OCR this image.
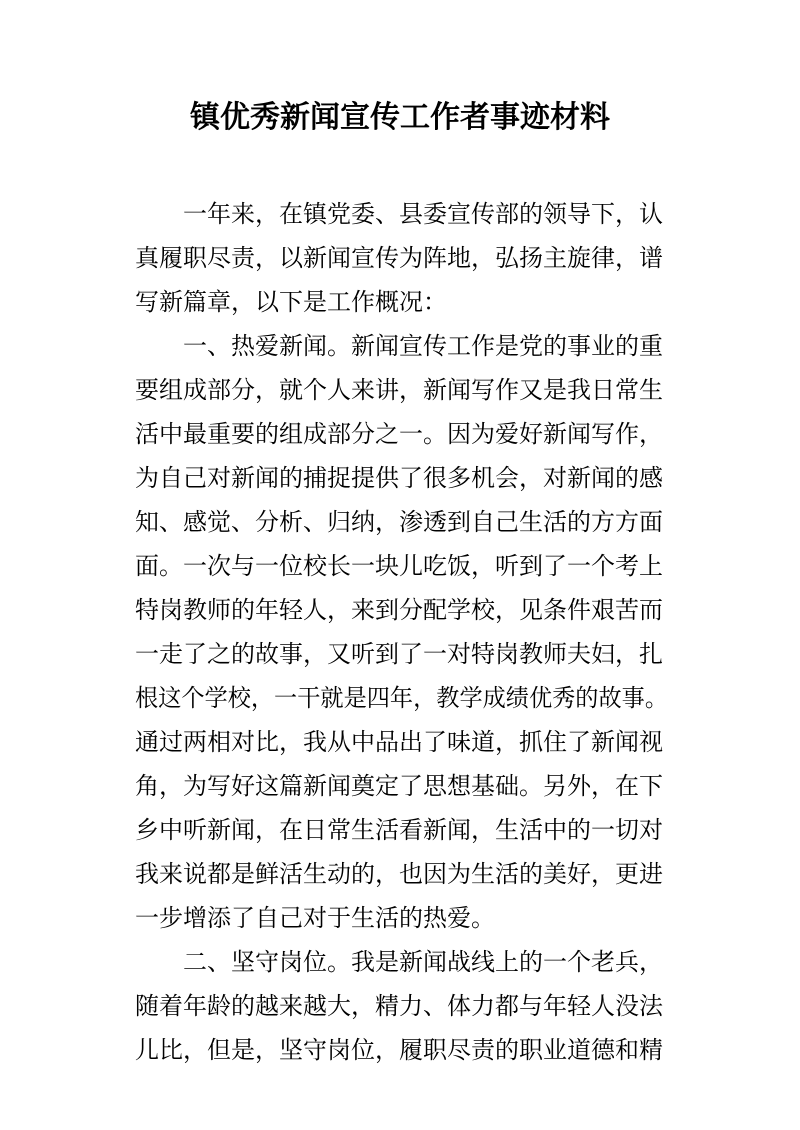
镇优秀新闻宣传工作者事迹材料
一年来，在镇党委、县委宣传部的领导下，认
真履职尽责，以新闻宣传为阵地，弘扬主旋律，谱
写新篇章，以下是工作概况：
一、热爱新闻。新闻宣传工作是党的事业的重
要组成部分，就个人来讲，新闻写作又是我日常生
活中最重要的组成部分之一。因为爱好新闻写作，
为自己对新闻的捕捉提供了很多机会，对新闻的感
知、感觉、分析、归纳，渗透到自己生活的方方面
面。一次与一位校长一块儿吃饭，听到了一个考上
特岗教师的年轻人，来到分配学校，见条件艰苦而
一走了之的故事，又听到了一对特岗教师夫妇，扎
根这个学校，一干就是四年，教学成绩优秀的故事。
通过两相对比，我从中品出了味道，抓住了新闻视
角，为写好这篇新闻奠定了思想基础。另外，在下
乡中听新闻，在日常生活看新闻，生活中的一切对
我来说都是鲜活生动的，也因为生活的美好，更进
一步增添了自己对于生活的热爱。
二、坚守岗位。我是新闻战线上的一个老兵，
随着年龄的越来越大，精力、体力都与年轻人没法
儿比，但是，坚守岗位，履职尽责的职业道德和精
